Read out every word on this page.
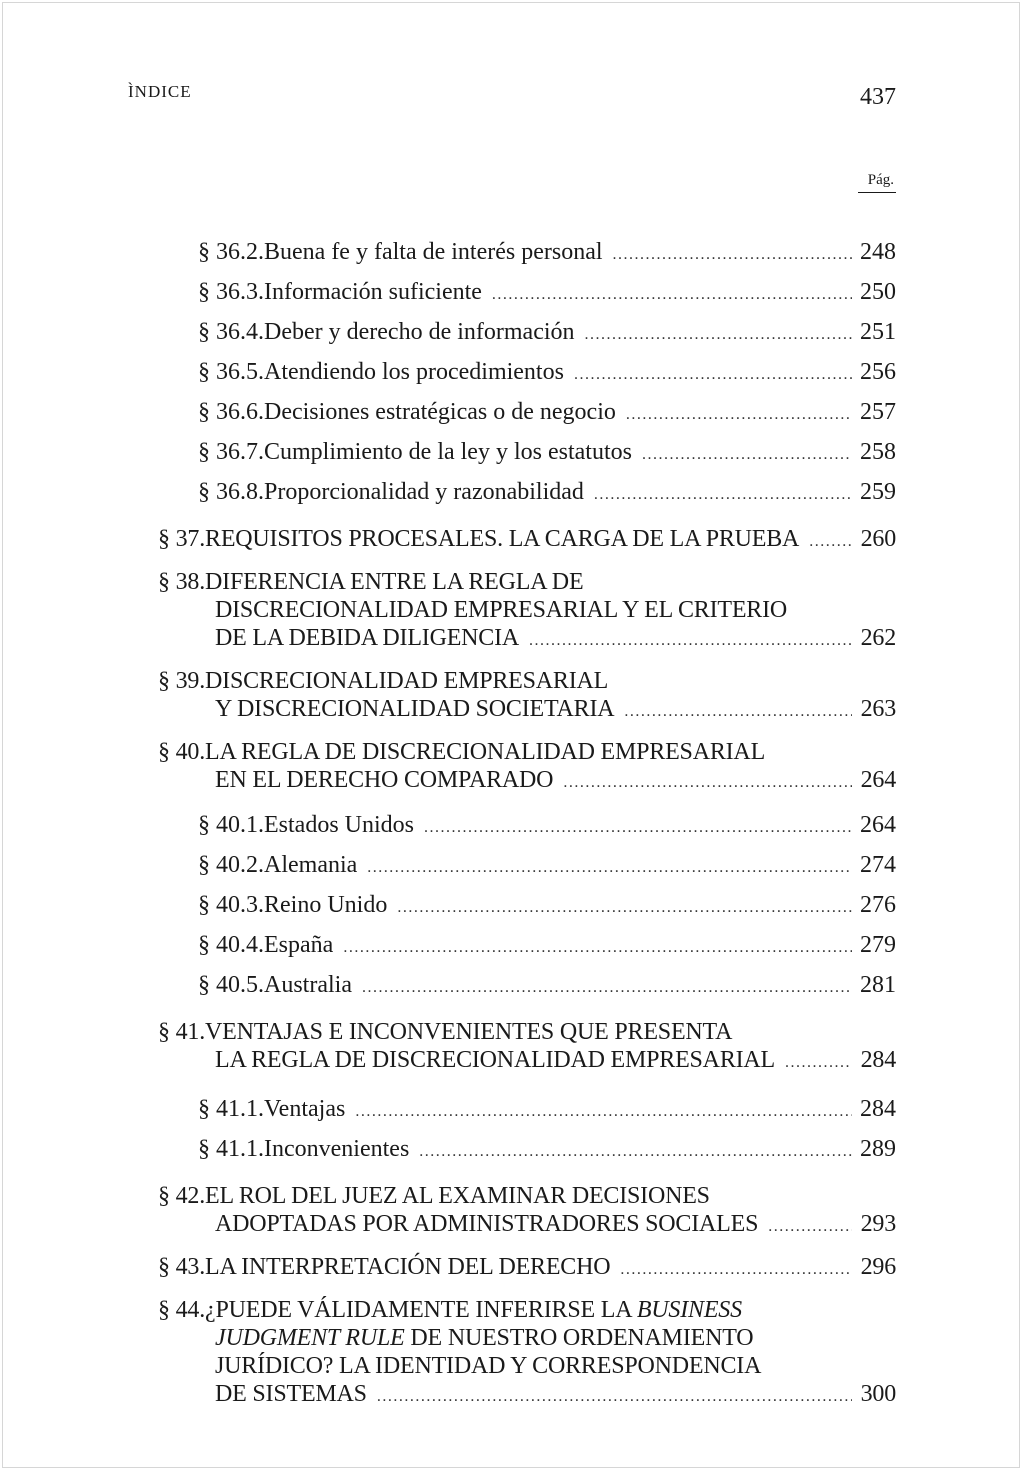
ÌNDICE	437
Pág.
§ 36.2. Buena fe y falta de interés personal .....	248
§ 36.3. Información suficiente .....	250
§ 36.4. Deber y derecho de información .....	251
§ 36.5. Atendiendo los procedimientos .....	256
§ 36.6. Decisiones estratégicas o de negocio .....	257
§ 36.7. Cumplimiento de la ley y los estatutos .....	258
§ 36.8. Proporcionalidad y razonabilidad .....	259
§ 37. REQUISITOS PROCESALES. LA CARGA DE LA PRUEBA .....	260
§ 38. DIFERENCIA ENTRE LA REGLA DE
DISCRECIONALIDAD EMPRESARIAL Y EL CRITERIO
DE LA DEBIDA DILIGENCIA .....	262
§ 39. DISCRECIONALIDAD EMPRESARIAL
Y DISCRECIONALIDAD SOCIETARIA .....	263
§ 40. LA REGLA DE DISCRECIONALIDAD EMPRESARIAL
EN EL DERECHO COMPARADO .....	264
§ 40.1. Estados Unidos .....	264
§ 40.2. Alemania .....	274
§ 40.3. Reino Unido .....	276
§ 40.4. España .....	279
§ 40.5. Australia .....	281
§ 41. VENTAJAS E INCONVENIENTES QUE PRESENTA
LA REGLA DE DISCRECIONALIDAD EMPRESARIAL .....	284
§ 41.1. Ventajas .....	284
§ 41.1. Inconvenientes .....	289
§ 42. EL ROL DEL JUEZ AL EXAMINAR DECISIONES
ADOPTADAS POR ADMINISTRADORES SOCIALES .....	293
§ 43. LA INTERPRETACIÓN DEL DERECHO .....	296
§ 44. ¿PUEDE VÁLIDAMENTE INFERIRSE LA BUSINESS
JUDGMENT RULE DE NUESTRO ORDENAMIENTO
JURÍDICO? LA IDENTIDAD Y CORRESPONDENCIA
DE SISTEMAS .....	300
